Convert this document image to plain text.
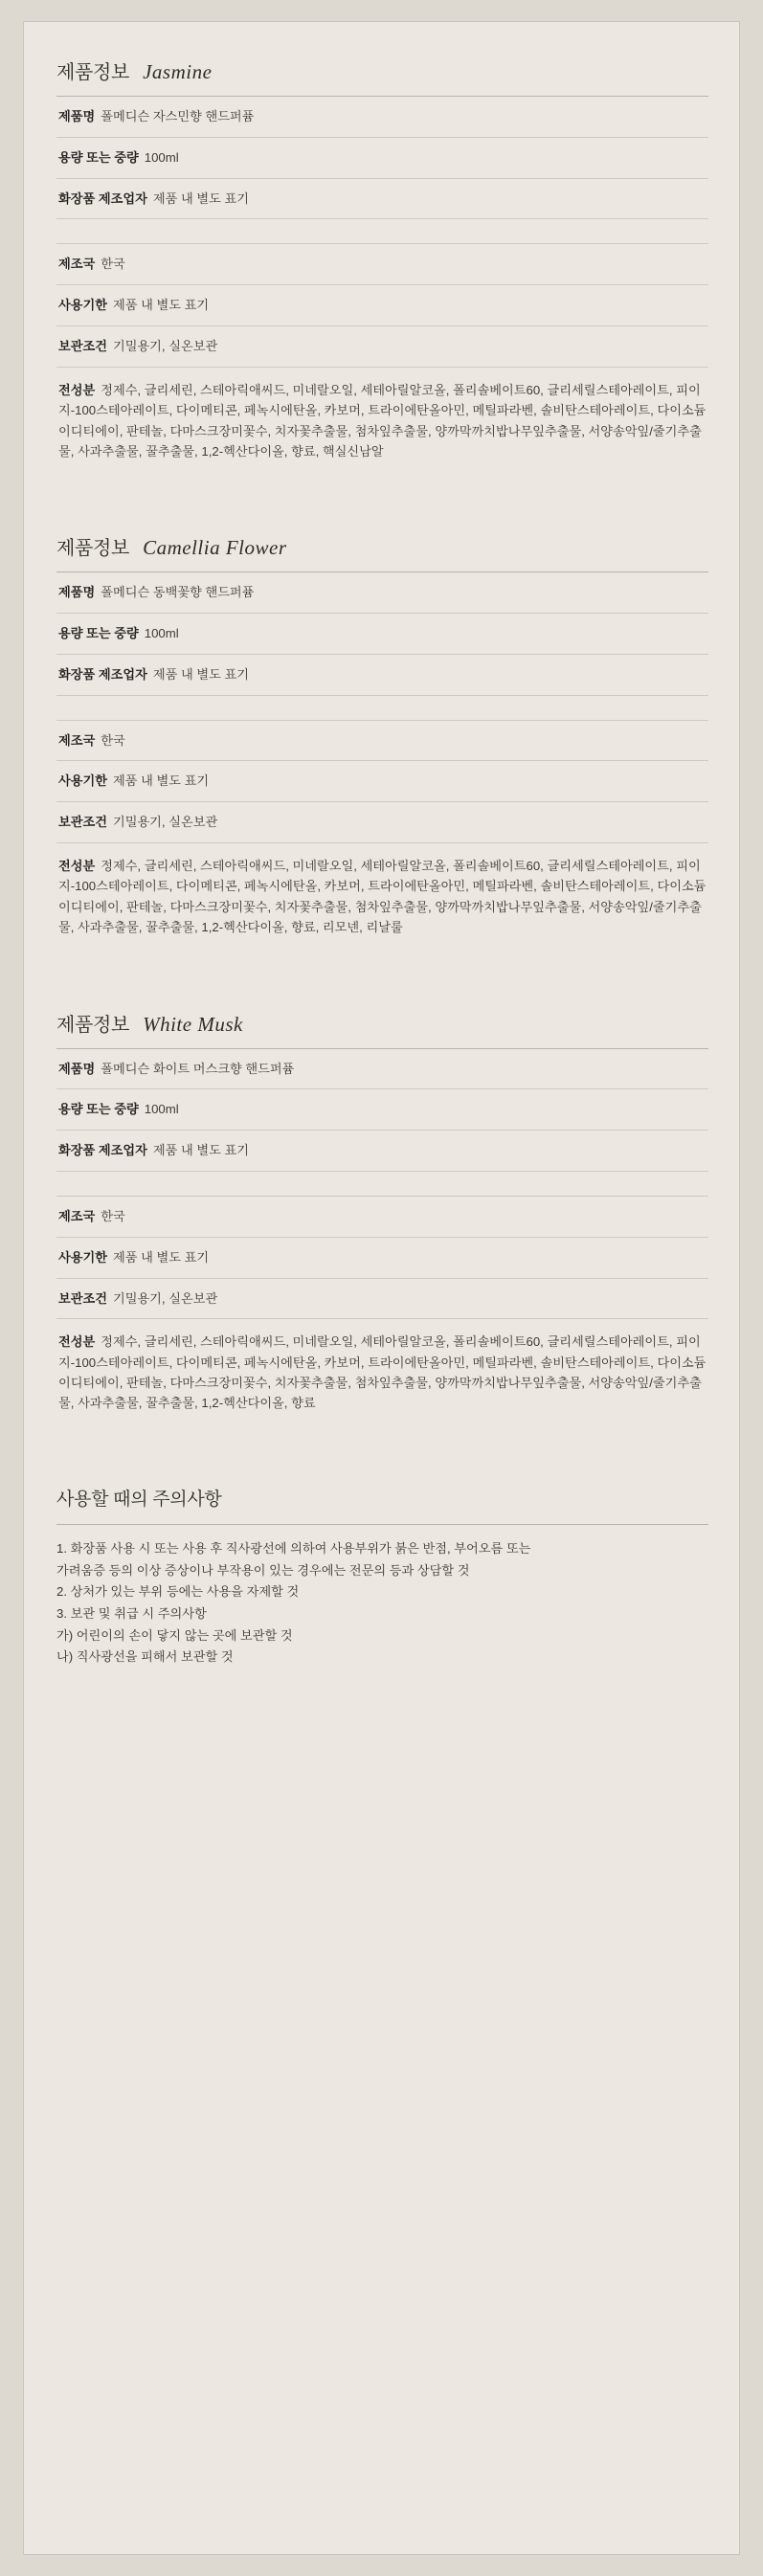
제품정보 Jasmine
제품명 폴메디슨 자스민향 핸드퍼퓸
용량 또는 중량 100ml
화장품 제조업자 제품 내 별도 표기
제조국 한국
사용기한 제품 내 별도 표기
보관조건 기밀용기, 실온보관
전성분 정제수, 글리세린, 스테아릭애씨드, 미네랄오일, 세테아릴알코올, 폴리솔베이트60, 글리세릴스테아레이트, 피이지-100스테아레이트, 다이메티콘, 페녹시에탄올, 카보머, 트라이에탄올아민, 메틸파라벤, 솔비탄스테아레이트, 다이소듐이디티에이, 판테놀, 다마스크장미꽃수, 치자꽃추출물, 첨차잎추출물, 양까막까치밥나무잎추출물, 서양송악잎/줄기추출물, 사과추출물, 꿀추출물, 1,2-헥산다이올, 향료, 핵실신남알
제품정보 Camellia Flower
제품명 폴메디슨 동백꽃향 핸드퍼퓸
용량 또는 중량 100ml
화장품 제조업자 제품 내 별도 표기
제조국 한국
사용기한 제품 내 별도 표기
보관조건 기밀용기, 실온보관
전성분 정제수, 글리세린, 스테아릭애씨드, 미네랄오일, 세테아릴알코올, 폴리솔베이트60, 글리세릴스테아레이트, 피이지-100스테아레이트, 다이메티콘, 페녹시에탄올, 카보머, 트라이에탄올아민, 메틸파라벤, 솔비탄스테아레이트, 다이소듐이디티에이, 판테놀, 다마스크장미꽃수, 치자꽃추출물, 첨차잎추출물, 양까막까치밥나무잎추출물, 서양송악잎/줄기추출물, 사과추출물, 꿀추출물, 1,2-헥산다이올, 향료, 리모넨, 리날룰
제품정보 White Musk
제품명 폴메디슨 화이트 머스크향 핸드퍼퓸
용량 또는 중량 100ml
화장품 제조업자 제품 내 별도 표기
제조국 한국
사용기한 제품 내 별도 표기
보관조건 기밀용기, 실온보관
전성분 정제수, 글리세린, 스테아릭애씨드, 미네랄오일, 세테아릴알코올, 폴리솔베이트60, 글리세릴스테아레이트, 피이지-100스테아레이트, 다이메티콘, 페녹시에탄올, 카보머, 트라이에탄올아민, 메틸파라벤, 솔비탄스테아레이트, 다이소듐이디티에이, 판테놀, 다마스크장미꽃수, 치자꽃추출물, 첨차잎추출물, 양까막까치밥나무잎추출물, 서양송악잎/줄기추출물, 사과추출물, 꿀추출물, 1,2-헥산다이올, 향료
사용할 때의 주의사항

1. 화장품 사용 시 또는 사용 후 직사광선에 의하여 사용부위가 붉은 반점, 부어오름 또는

가려움증 등의 이상 증상이나 부작용이 있는 경우에는 전문의 등과 상담할 것

2. 상처가 있는 부위 등에는 사용을 자제할 것

3. 보관 및 취급 시 주의사항

가) 어린이의 손이 닿지 않는 곳에 보관할 것

나) 직사광선을 피해서 보관할 것
